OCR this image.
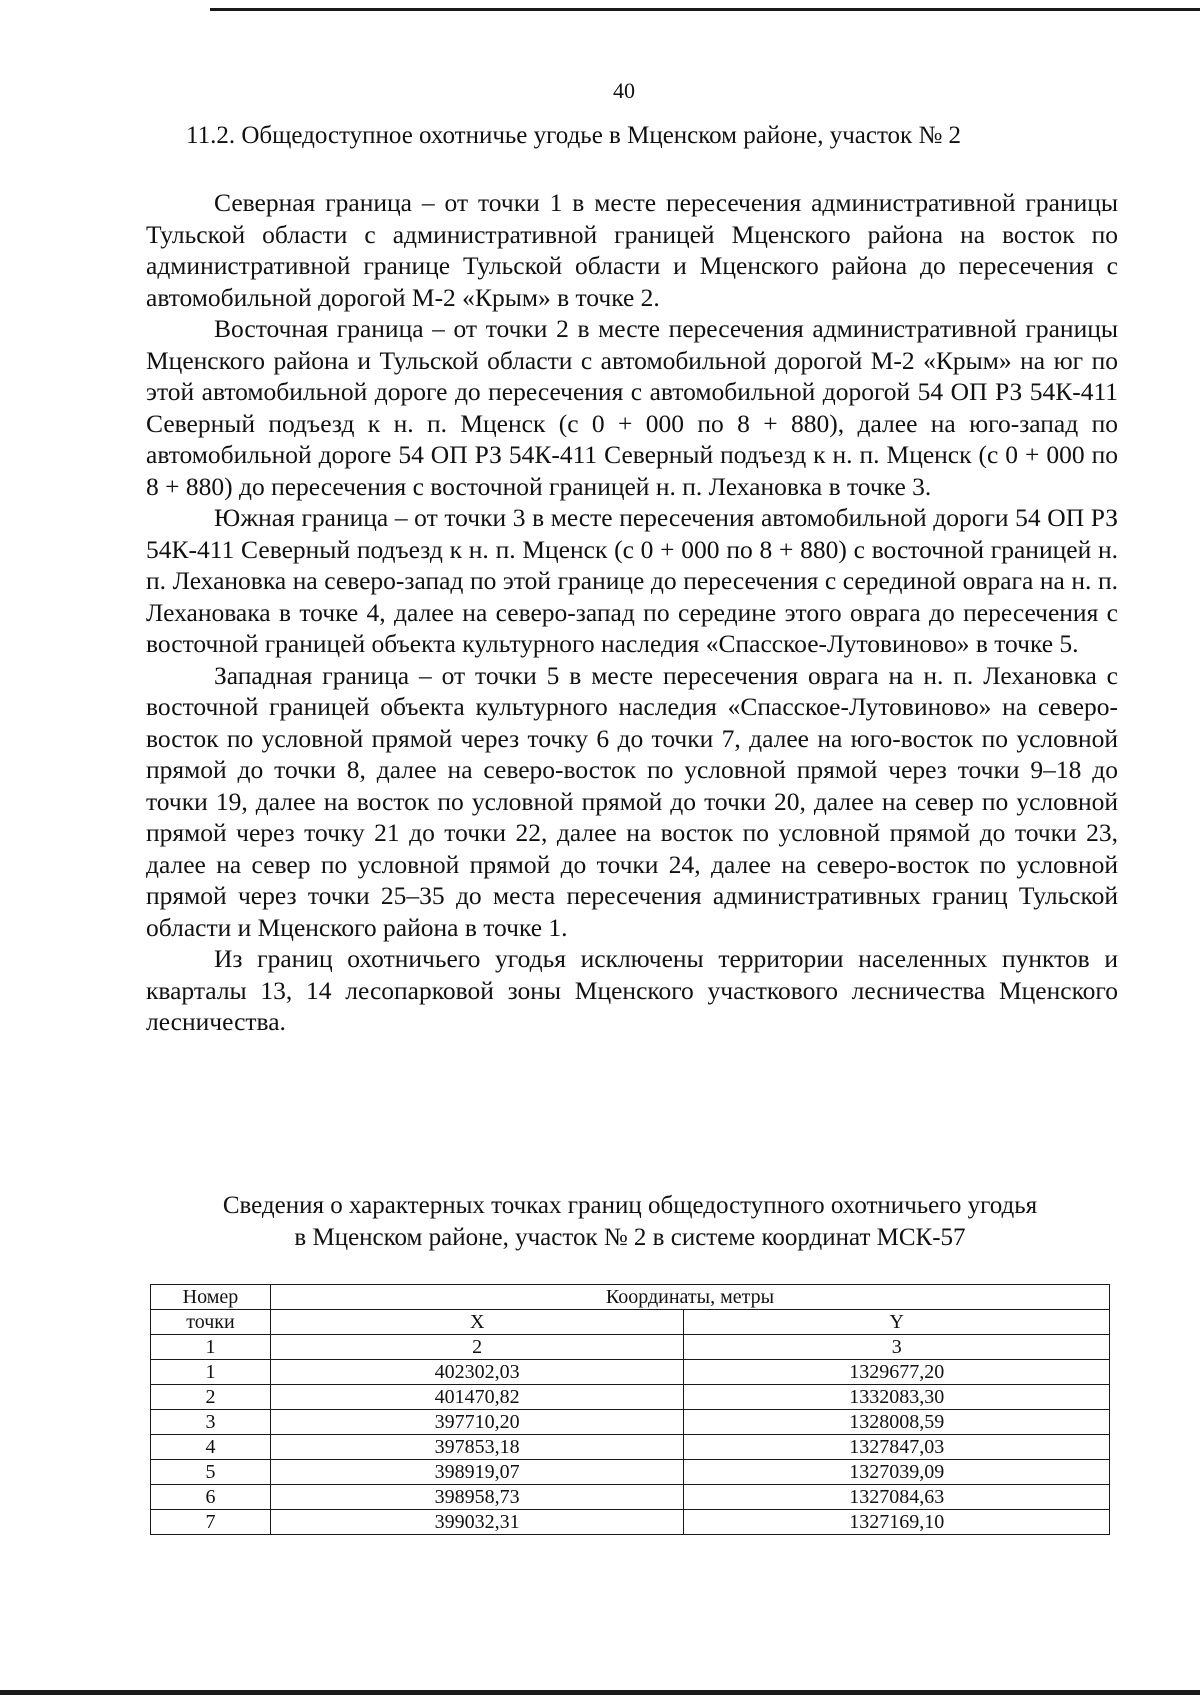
40
11.2. Общедоступное охотничье угодье в Мценском районе, участок № 2

Северная граница – от точки 1 в месте пересечения административной границы Тульской области с административной границей Мценского района на восток по административной границе Тульской области и Мценского района до пересечения с автомобильной дорогой М-2 «Крым» в точке 2.

Восточная граница – от точки 2 в месте пересечения административной границы Мценского района и Тульской области с автомобильной дорогой М-2 «Крым» на юг по этой автомобильной дороге до пересечения с автомобильной дорогой 54 ОП РЗ 54К-411 Северный подъезд к н. п. Мценск (с 0 + 000 по 8 + 880), далее на юго-запад по автомобильной дороге 54 ОП РЗ 54К-411 Северный подъезд к н. п. Мценск (с 0 + 000 по 8 + 880) до пересечения с восточной границей н. п. Лехановка в точке 3.

Южная граница – от точки 3 в месте пересечения автомобильной дороги 54 ОП РЗ 54К-411 Северный подъезд к н. п. Мценск (с 0 + 000 по 8 + 880) с восточной границей н. п. Лехановка на северо-запад по этой границе до пересечения с серединой оврага на н. п. Лехановака в точке 4, далее на северо-запад по середине этого оврага до пересечения с восточной границей объекта культурного наследия «Спасское-Лутовиново» в точке 5.

Западная граница – от точки 5 в месте пересечения оврага на н. п. Лехановка с восточной границей объекта культурного наследия «Спасское-Лутовиново» на северо-восток по условной прямой через точку 6 до точки 7, далее на юго-восток по условной прямой до точки 8, далее на северо-восток по условной прямой через точки 9–18 до точки 19, далее на восток по условной прямой до точки 20, далее на север по условной прямой через точку 21 до точки 22, далее на восток по условной прямой до точки 23, далее на север по условной прямой до точки 24, далее на северо-восток по условной прямой через точки 25–35 до места пересечения административных границ Тульской области и Мценского района в точке 1.

Из границ охотничьего угодья исключены территории населенных пунктов и кварталы 13, 14 лесопарковой зоны Мценского участкового лесничества Мценского лесничества.

Сведения о характерных точках границ общедоступного охотничьего угодья
в Мценском районе, участок № 2 в системе координат МСК-57
Номер	Координаты, метры	
точки	X	Y
1	2	3
1	402302,03	1329677,20
2	401470,82	1332083,30
3	397710,20	1328008,59
4	397853,18	1327847,03
5	398919,07	1327039,09
6	398958,73	1327084,63
7	399032,31	1327169,10
